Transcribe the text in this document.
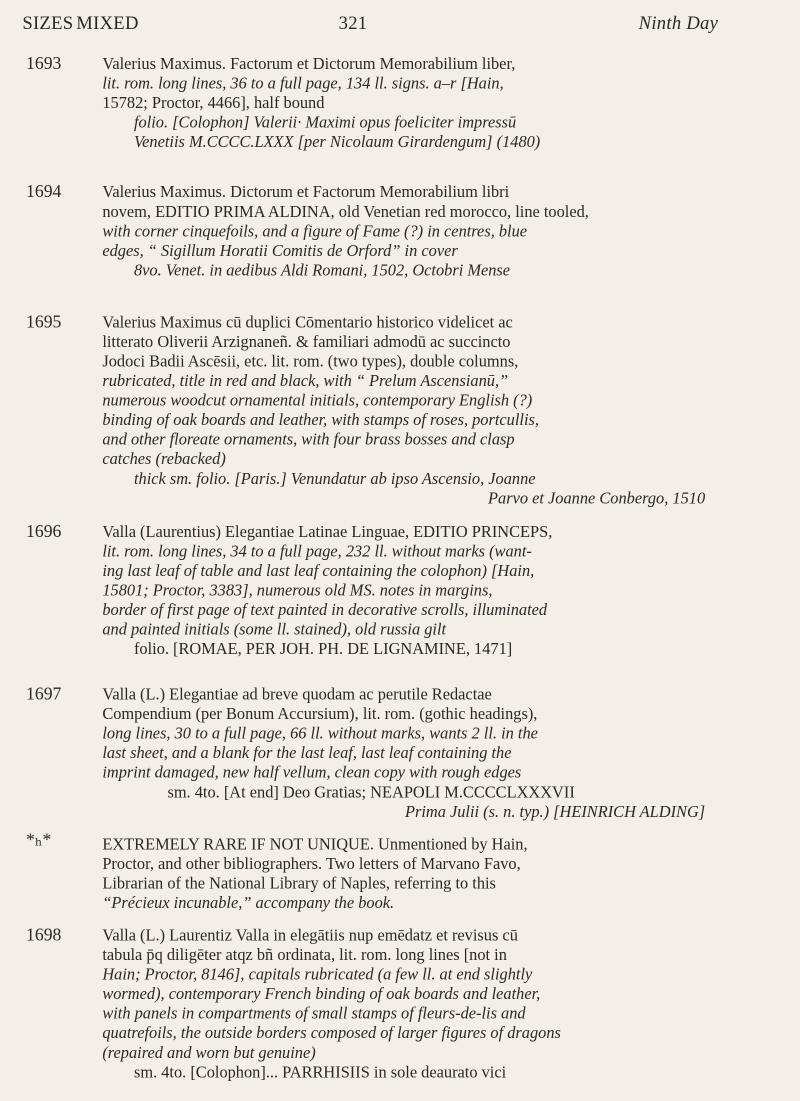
SIZES MIXED	321	Ninth Day
1693	Valerius Maximus. Factorum et Dictorum Memorabilium liber,

lit. rom. long lines, 36 to a full page, 134 ll. signs. a–r [Hain,

15782; Proctor, 4466], half bound

folio. [Colophon] Valerii· Maximi opus foeliciter impressū

Venetiis M.CCCC.LXXX [per Nicolaum Girardengum] (1480)

1694	Valerius Maximus. Dictorum et Factorum Memorabilium libri

novem, EDITIO PRIMA ALDINA, old Venetian red morocco, line tooled,

with corner cinquefoils, and a figure of Fame (?) in centres, blue

edges, “ Sigillum Horatii Comitis de Orford” in cover

8vo. Venet. in aedibus Aldi Romani, 1502, Octobri Mense

1695	Valerius Maximus cū duplici Cōmentario historico videlicet ac

litterato Oliverii Arzignaneñ. & familiari admodū ac succincto

Jodoci Badii Ascēsii, etc. lit. rom. (two types), double columns,

rubricated, title in red and black, with “ Prelum Ascensianū,”

numerous woodcut ornamental initials, contemporary English (?)

binding of oak boards and leather, with stamps of roses, portcullis,

and other floreate ornaments, with four brass bosses and clasp

catches (rebacked)

thick sm. folio. [Paris.] Venundatur ab ipso Ascensio, Joanne

Parvo et Joanne Conbergo, 1510

1696	Valla (Laurentius) Elegantiae Latinae Linguae, EDITIO PRINCEPS,

lit. rom. long lines, 34 to a full page, 232 ll. without marks (want-

ing last leaf of table and last leaf containing the colophon) [Hain,

15801; Proctor, 3383], numerous old MS. notes in margins,

border of first page of text painted in decorative scrolls, illuminated

and painted initials (some ll. stained), old russia gilt

folio. [ROMAE, PER JOH. PH. DE LIGNAMINE, 1471]

1697	Valla (L.) Elegantiae ad breve quodam ac perutile Redactae

Compendium (per Bonum Accursium), lit. rom. (gothic headings),

long lines, 30 to a full page, 66 ll. without marks, wants 2 ll. in the

last sheet, and a blank for the last leaf, last leaf containing the

imprint damaged, new half vellum, clean copy with rough edges

sm. 4to. [At end] Deo Gratias; NEAPOLI M.CCCCLXXXVII

Prima Julii (s. n. typ.) [HEINRICH ALDING]

*ₕ*	EXTREMELY RARE IF NOT UNIQUE. Unmentioned by Hain,

Proctor, and other bibliographers. Two letters of Marvano Favo,

Librarian of the National Library of Naples, referring to this

“Précieux incunable,” accompany the book.

1698	Valla (L.) Laurentiz Valla in elegātiis nup emēdatz et revisus cū

tabula p̄q diligēter atqz bñ ordinata, lit. rom. long lines [not in

Hain; Proctor, 8146], capitals rubricated (a few ll. at end slightly

wormed), contemporary French binding of oak boards and leather,

with panels in compartments of small stamps of fleurs-de-lis and

quatrefoils, the outside borders composed of larger figures of dragons

(repaired and worn but genuine)

sm. 4to. [Colophon]... PARRHISIIS in sole deaurato vici
